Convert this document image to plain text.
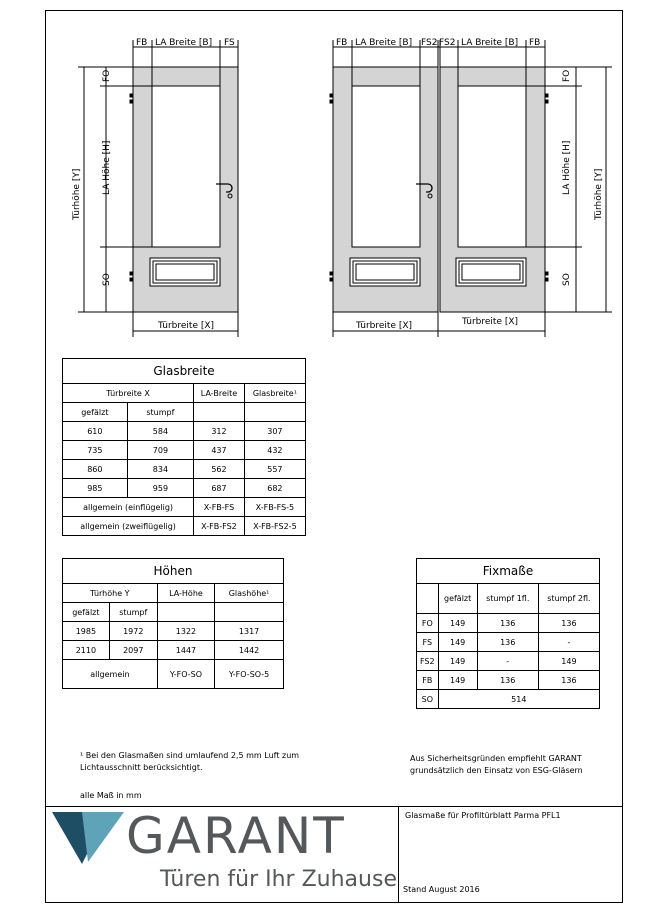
FB LA Breite [B] FS
Türhöhe [Y] LA Höhe [H]
FO
SO
Türbreite [X]
FB LA Breite [B] FS2 FS2 LA Breite [B] FB
FO
LA Höhe [H] Türhöhe [Y]
SO
Türbreite [X]	Türbreite [X]
Glasbreite			
Türbreite X		LA-Breite	Glasbreite¹
gefälzt	stumpf		
610	584	312	307
735	709	437	432
860	834	562	557
985	959	687	682
allgemein (einflügelig)		X-FB-FS	X-FB-FS-5
allgemein (zweiflügelig)		X-FB-FS2	X-FB-FS2-5
Höhen			
Türhöhe Y		LA-Höhe	Glashöhe¹
gefälzt	stumpf		
1985	1972	1322	1317
2110	2097	1447	1442
allgemein		Y-FO-SO	Y-FO-SO-5
Fixmaße			
	gefälzt	stumpf 1fl.	stumpf 2fl.
FO	149	136	136
FS	149	136	-
FS2	149	-	149
FB	149	136	136
SO	514		
¹ Bei den Glasmaßen sind umlaufend 2,5 mm Luft zum
Lichtausschnitt berücksichtigt.
alle Maß in mm
Aus Sicherheitsgründen empfiehlt GARANT
grundsätzlich den Einsatz von ESG-Gläsern
GARANT
Türen für Ihr Zuhause
Glasmaße für Profiltürblatt Parma PFL1
Stand August 2016
